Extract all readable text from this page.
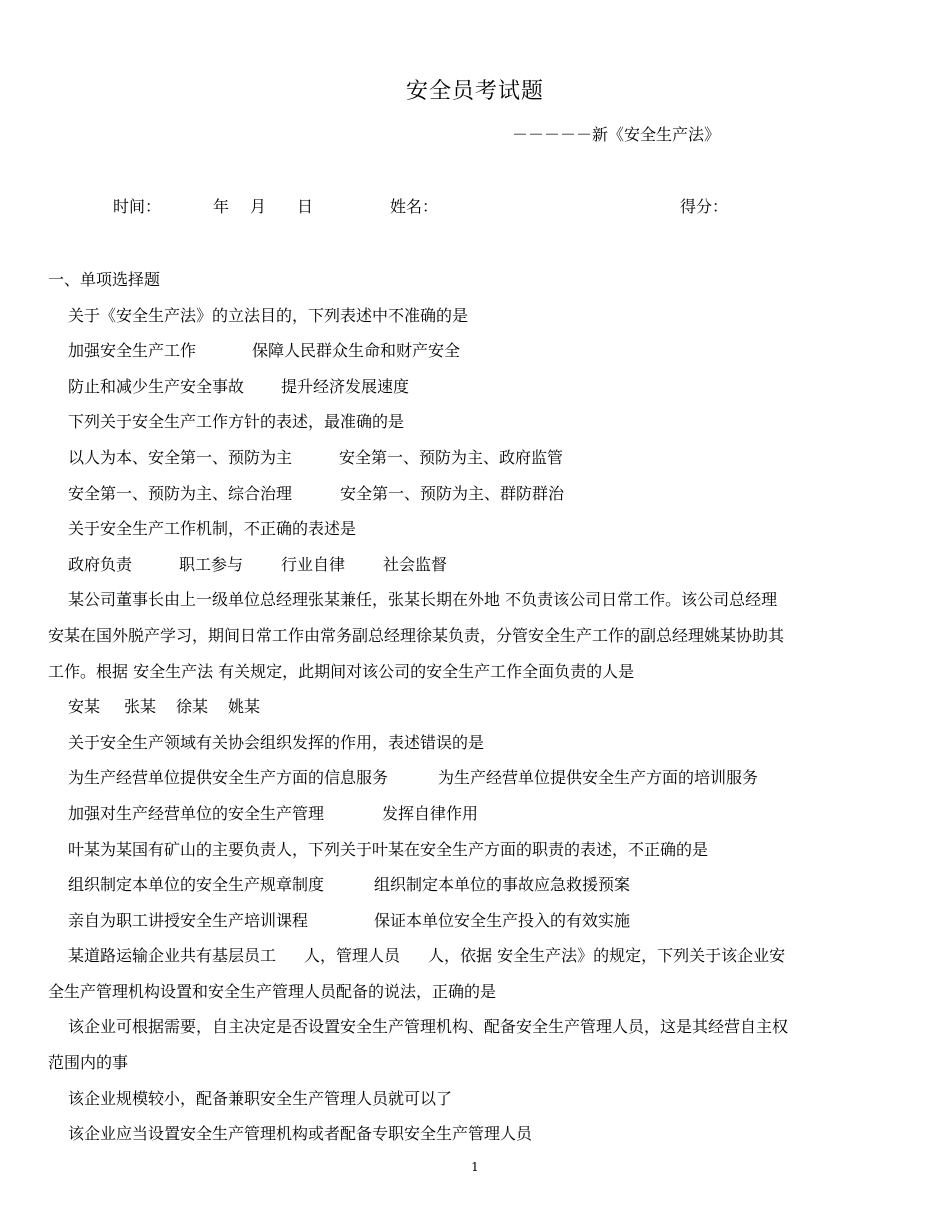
安全员考试题
－－－－－新《安全生产法》
时间：	年 月 日	姓名：	得分：
一、单项选择题
关于《安全生产法》的立法目的，下列表述中不准确的是
加强安全生产工作	保障人民群众生命和财产安全
防止和减少生产安全事故 提升经济发展速度
下列关于安全生产工作方针的表述，最准确的是
以人为本、安全第一、预防为主	安全第一、预防为主、政府监管
安全第一、预防为主、综合治理	安全第一、预防为主、群防群治
关于安全生产工作机制，不正确的表述是
政府负责	职工参与 行业自律 社会监督
某公司董事长由上一级单位总经理张某兼任，张某长期在外地 不负责该公司日常工作。该公司总经理
安某在国外脱产学习，期间日常工作由常务副总经理徐某负责，分管安全生产工作的副总经理姚某协助其
工作。根据 安全生产法 有关规定，此期间对该公司的安全生产工作全面负责的人是
安某 张某 徐某 姚某
关于安全生产领域有关协会组织发挥的作用，表述错误的是
为生产经营单位提供安全生产方面的信息服务	为生产经营单位提供安全生产方面的培训服务
加强对生产经营单位的安全生产管理	发挥自律作用
叶某为某国有矿山的主要负责人，下列关于叶某在安全生产方面的职责的表述，不正确的是
组织制定本单位的安全生产规章制度	组织制定本单位的事故应急救援预案
亲自为职工讲授安全生产培训课程	保证本单位安全生产投入的有效实施
某道路运输企业共有基层员工 人，管理人员 人，依据 安全生产法》的规定，下列关于该企业安
全生产管理机构设置和安全生产管理人员配备的说法，正确的是
该企业可根据需要，自主决定是否设置安全生产管理机构、配备安全生产管理人员，这是其经营自主权
范围内的事
该企业规模较小，配备兼职安全生产管理人员就可以了
该企业应当设置安全生产管理机构或者配备专职安全生产管理人员
1
